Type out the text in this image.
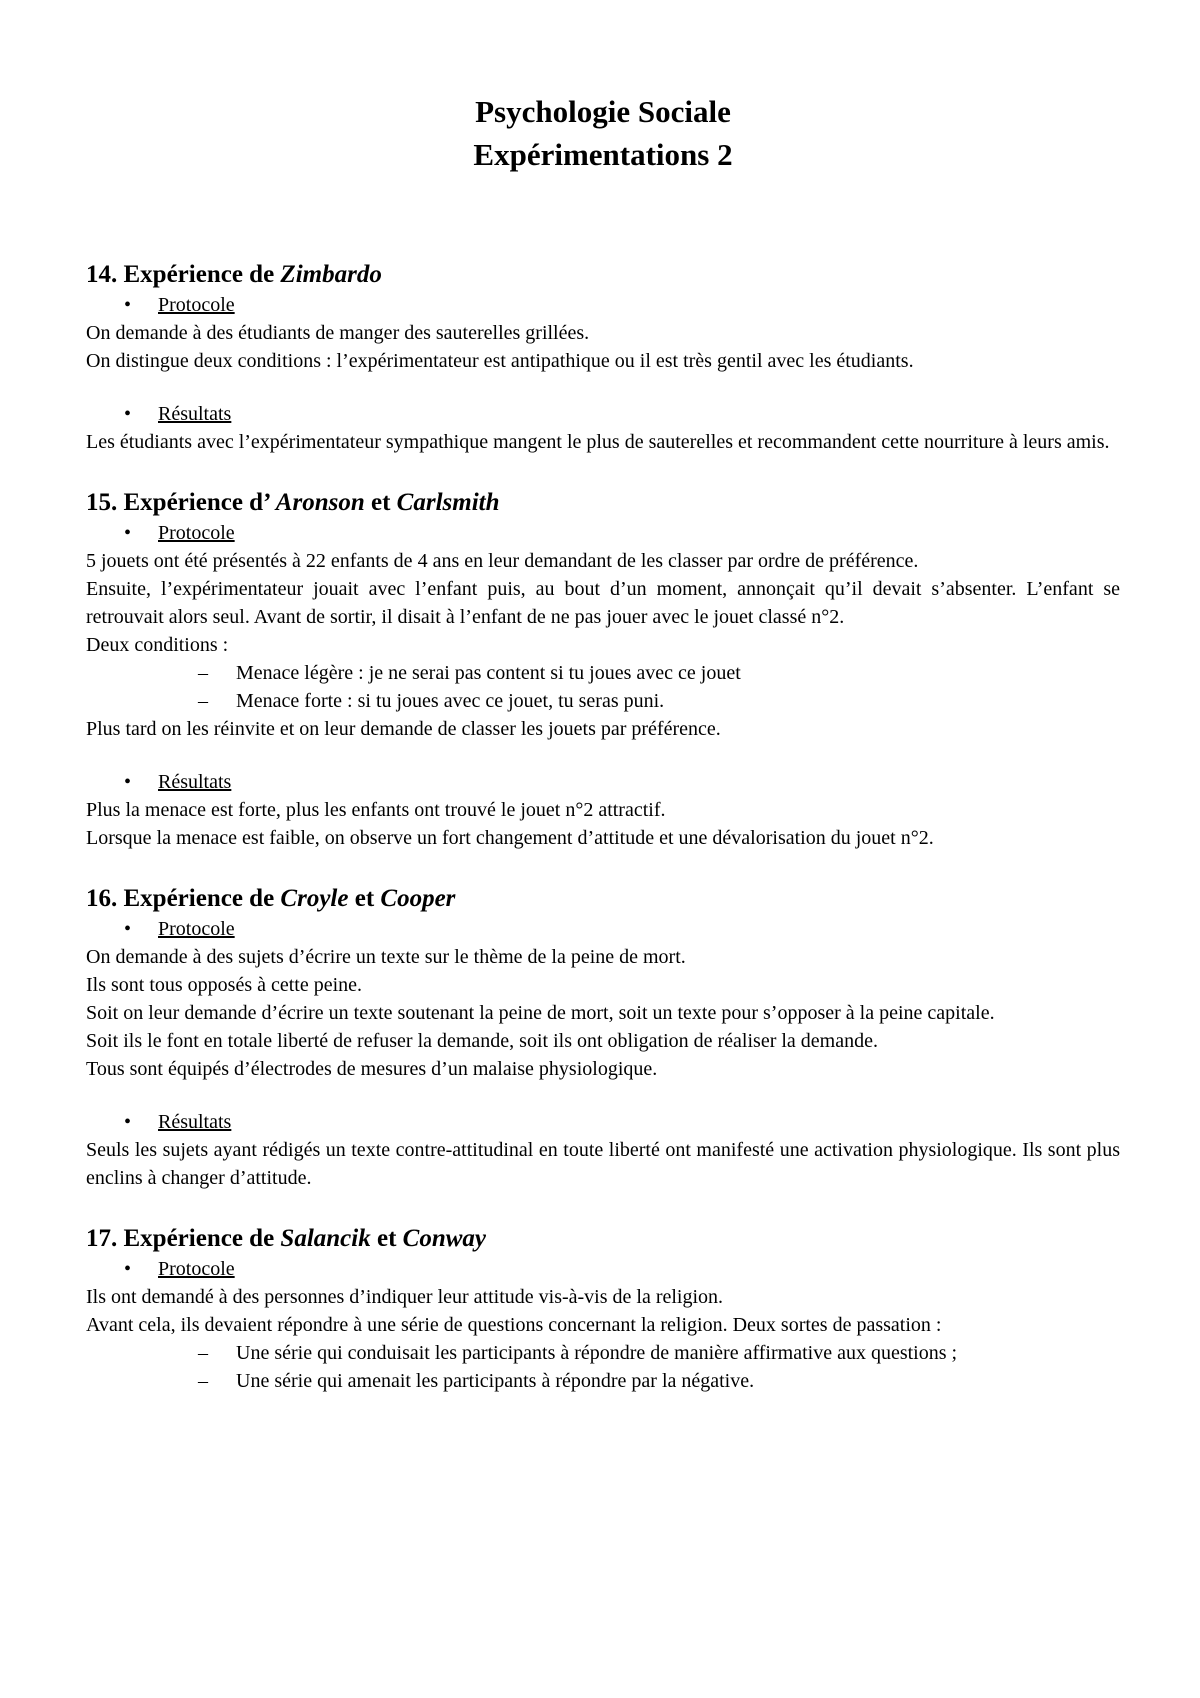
Psychologie Sociale
Expérimentations 2

14. Expérience de Zimbardo

• Protocole

On demande à des étudiants de manger des sauterelles grillées.

On distingue deux conditions : l’expérimentateur est antipathique ou il est très gentil avec les étudiants.

• Résultats

Les étudiants avec l’expérimentateur sympathique mangent le plus de sauterelles et recommandent cette nourriture à leurs amis.

15. Expérience d’ Aronson et Carlsmith

• Protocole

5 jouets ont été présentés à 22 enfants de 4 ans en leur demandant de les classer par ordre de préférence.

Ensuite, l’expérimentateur jouait avec l’enfant puis, au bout d’un moment, annonçait qu’il devait s’absenter. L’enfant se retrouvait alors seul. Avant de sortir, il disait à l’enfant de ne pas jouer avec le jouet classé n°2.

Deux conditions :

– Menace légère : je ne serai pas content si tu joues avec ce jouet
– Menace forte : si tu joues avec ce jouet, tu seras puni.

Plus tard on les réinvite et on leur demande de classer les jouets par préférence.

• Résultats

Plus la menace est forte, plus les enfants ont trouvé le jouet n°2 attractif.

Lorsque la menace est faible, on observe un fort changement d’attitude et une dévalorisation du jouet n°2.

16. Expérience de Croyle et Cooper

• Protocole

On demande à des sujets d’écrire un texte sur le thème de la peine de mort.

Ils sont tous opposés à cette peine.

Soit on leur demande d’écrire un texte soutenant la peine de mort, soit un texte pour s’opposer à la peine capitale.

Soit ils le font en totale liberté de refuser la demande, soit ils ont obligation de réaliser la demande.

Tous sont équipés d’électrodes de mesures d’un malaise physiologique.

• Résultats

Seuls les sujets ayant rédigés un texte contre-attitudinal en toute liberté ont manifesté une activation physiologique. Ils sont plus enclins à changer d’attitude.

17. Expérience de Salancik et Conway

• Protocole

Ils ont demandé à des personnes d’indiquer leur attitude vis-à-vis de la religion.

Avant cela, ils devaient répondre à une série de questions concernant la religion. Deux sortes de passation :

– Une série qui conduisait les participants à répondre de manière affirmative aux questions ;
– Une série qui amenait les participants à répondre par la négative.
